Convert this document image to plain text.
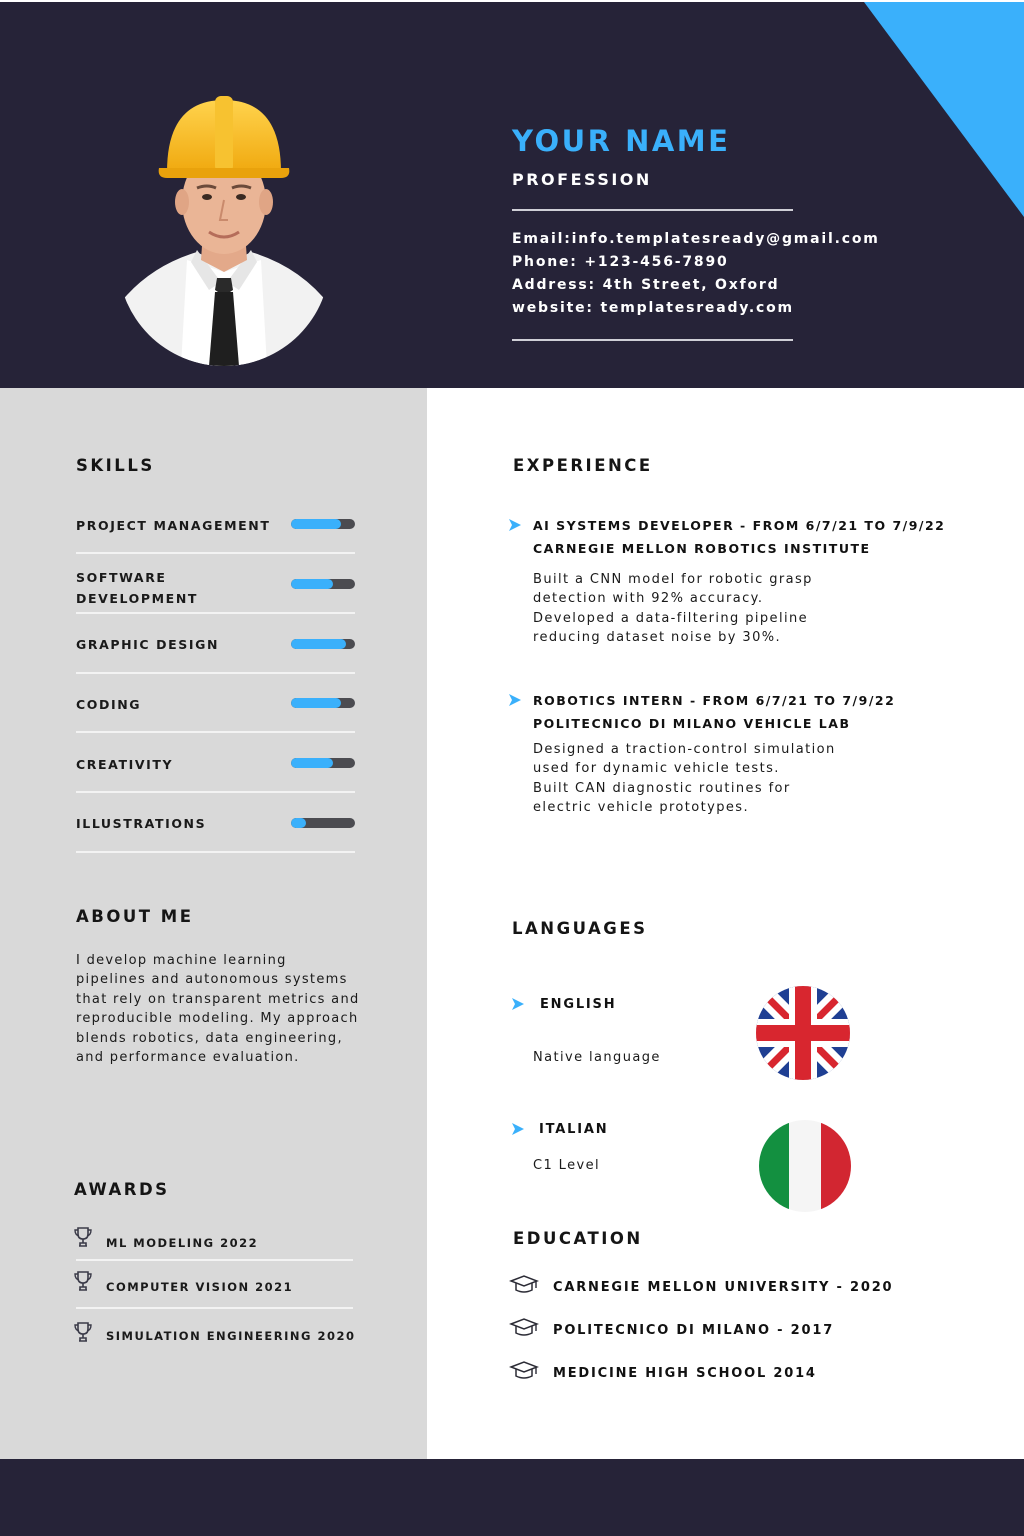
YOUR NAME
PROFESSION
Email:info.templatesready@gmail.com
Phone: +123-456-7890
Address: 4th Street, Oxford
website: templatesready.com
SKILLS
PROJECT MANAGEMENT
SOFTWARE DEVELOPMENT
GRAPHIC DESIGN
CODING
CREATIVITY
ILLUSTRATIONS
ABOUT ME
I develop machine learning pipelines and autonomous systems that rely on transparent metrics and reproducible modeling. My approach blends robotics, data engineering, and performance evaluation.
AWARDS
ML MODELING 2022
COMPUTER VISION 2021
SIMULATION ENGINEERING 2020
EXPERIENCE
AI SYSTEMS DEVELOPER - FROM 6/7/21 TO 7/9/22
CARNEGIE MELLON ROBOTICS INSTITUTE
Built a CNN model for robotic grasp detection with 92% accuracy.
Developed a data-filtering pipeline reducing dataset noise by 30%.
ROBOTICS INTERN - FROM 6/7/21 TO 7/9/22
POLITECNICO DI MILANO VEHICLE LAB
Designed a traction-control simulation used for dynamic vehicle tests.
Built CAN diagnostic routines for electric vehicle prototypes.
LANGUAGES
ENGLISH
Native language
ITALIAN
C1 Level
EDUCATION
CARNEGIE MELLON UNIVERSITY - 2020
POLITECNICO DI MILANO - 2017
MEDICINE HIGH SCHOOL 2014
